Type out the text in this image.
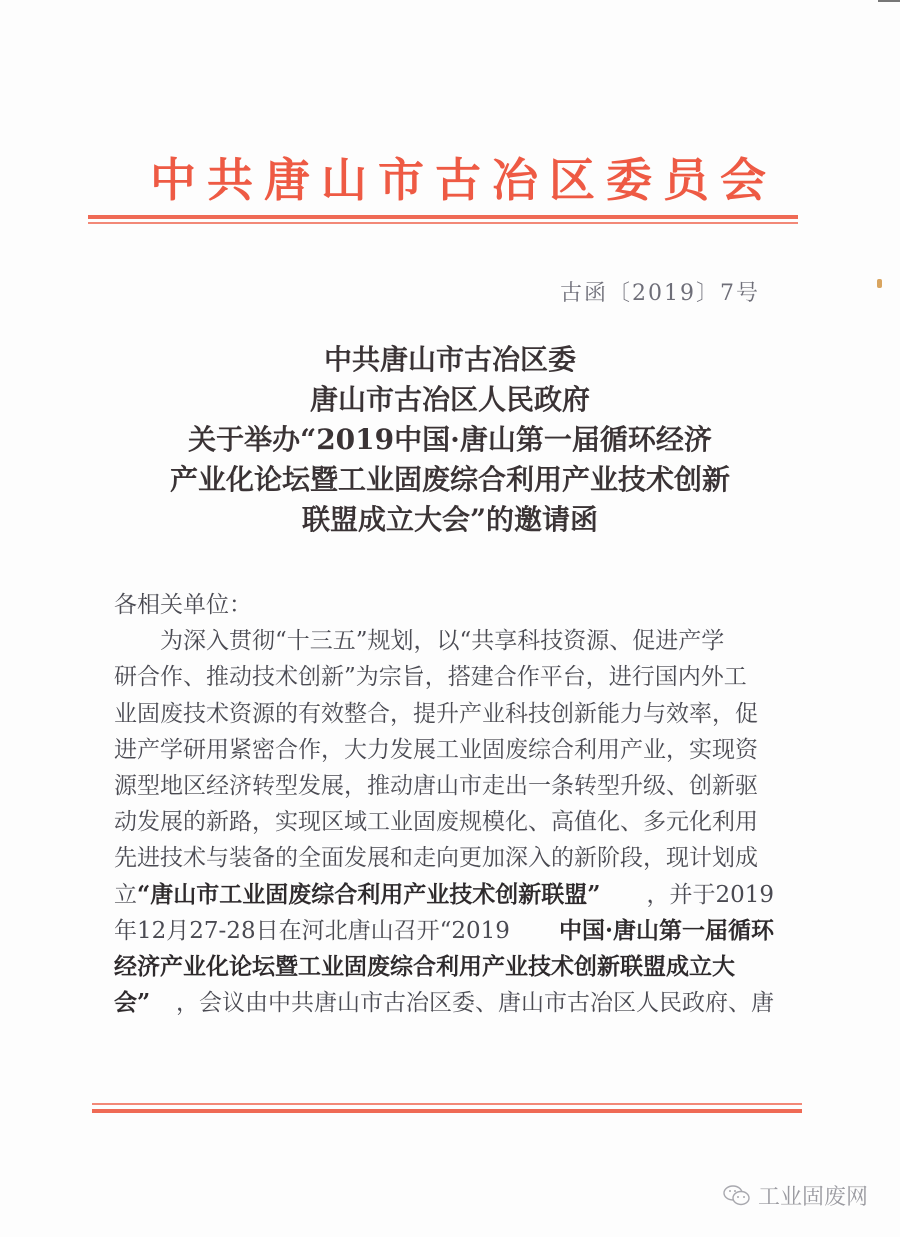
中共唐山市古冶区委员会
古函〔2019〕7号
中共唐山市古冶区委
唐山市古冶区人民政府
关于举办“2019中国·唐山第一届循环经济
产业化论坛暨工业固废综合利用产业技术创新
联盟成立大会”的邀请函
各相关单位：
为深入贯彻“十三五”规划，以“共享科技资源、促进产学
研合作、推动技术创新”为宗旨，搭建合作平台，进行国内外工
业固废技术资源的有效整合，提升产业科技创新能力与效率，促
进产学研用紧密合作，大力发展工业固废综合利用产业，实现资
源型地区经济转型发展，推动唐山市走出一条转型升级、创新驱
动发展的新路，实现区域工业固废规模化、高值化、多元化利用
先进技术与装备的全面发展和走向更加深入的新阶段，现计划成
立 “唐山市工业固废综合利用产业技术创新联盟” ，并于2019
年12月27-28日在河北唐山召开“2019 中国·唐山第一届循环
经济产业化论坛暨工业固废综合利用产业技术创新联盟成立大
会” ，会议由中共唐山市古冶区委、唐山市古冶区人民政府、唐
工业固废网
